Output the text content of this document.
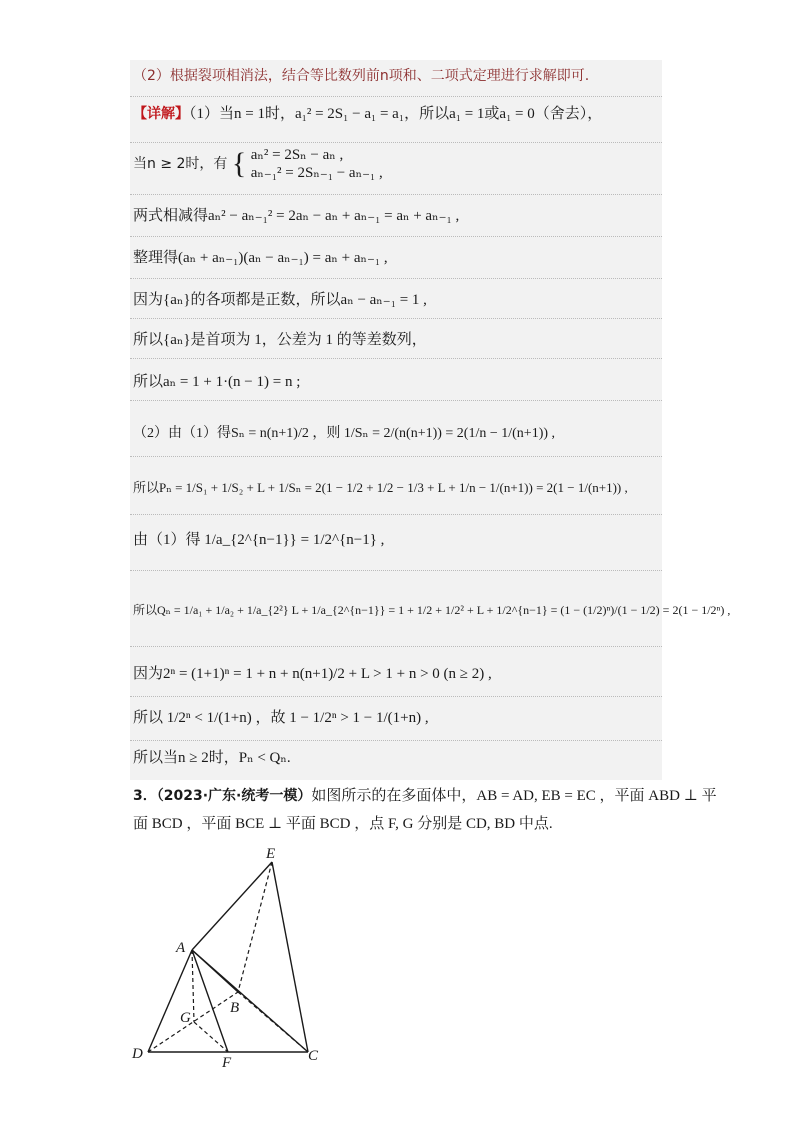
（2）根据裂项相消法，结合等比数列前n项和、二项式定理进行求解即可.
【详解】（1）当n = 1时，a₁² = 2S₁ − a₁ = a₁，所以a₁ = 1或a₁ = 0（舍去），
当n ≥ 2时，有 { aₙ² = 2Sₙ − aₙ ,
aₙ₋₁² = 2Sₙ₋₁ − aₙ₋₁ ,
两式相减得aₙ² − aₙ₋₁² = 2aₙ − aₙ + aₙ₋₁ = aₙ + aₙ₋₁ ,
整理得(aₙ + aₙ₋₁)(aₙ − aₙ₋₁) = aₙ + aₙ₋₁ ,
因为{aₙ}的各项都是正数，所以aₙ − aₙ₋₁ = 1 ,
所以{aₙ}是首项为 1，公差为 1 的等差数列，
所以aₙ = 1 + 1·(n − 1) = n ;
（2）由（1）得Sₙ = n(n+1)/2 ，则 1/Sₙ = 2/(n(n+1)) = 2(1/n − 1/(n+1)) ,
所以Pₙ = 1/S₁ + 1/S₂ + L + 1/Sₙ = 2(1 − 1/2 + 1/2 − 1/3 + L + 1/n − 1/(n+1)) = 2(1 − 1/(n+1)) ,
由（1）得 1/a_{2^{n−1}} = 1/2^{n−1} ,
所以Qₙ = 1/a₁ + 1/a₂ + 1/a_{2²} L + 1/a_{2^{n−1}} = 1 + 1/2 + 1/2² + L + 1/2^{n−1} = (1 − (1/2)ⁿ)/(1 − 1/2) = 2(1 − 1/2ⁿ) ,
因为2ⁿ = (1+1)ⁿ = 1 + n + n(n+1)/2 + L > 1 + n > 0 (n ≥ 2) ,
所以 1/2ⁿ < 1/(1+n) ，故 1 − 1/2ⁿ > 1 − 1/(1+n) ,
所以当n ≥ 2时，Pₙ < Qₙ.
3．（2023·广东·统考一模）如图所示的在多面体中，AB = AD, EB = EC ，平面 ABD ⊥ 平
面 BCD ，平面 BCE ⊥ 平面 BCD ，点 F, G 分别是 CD, BD 中点.
E
A
B
G
D
F	C
